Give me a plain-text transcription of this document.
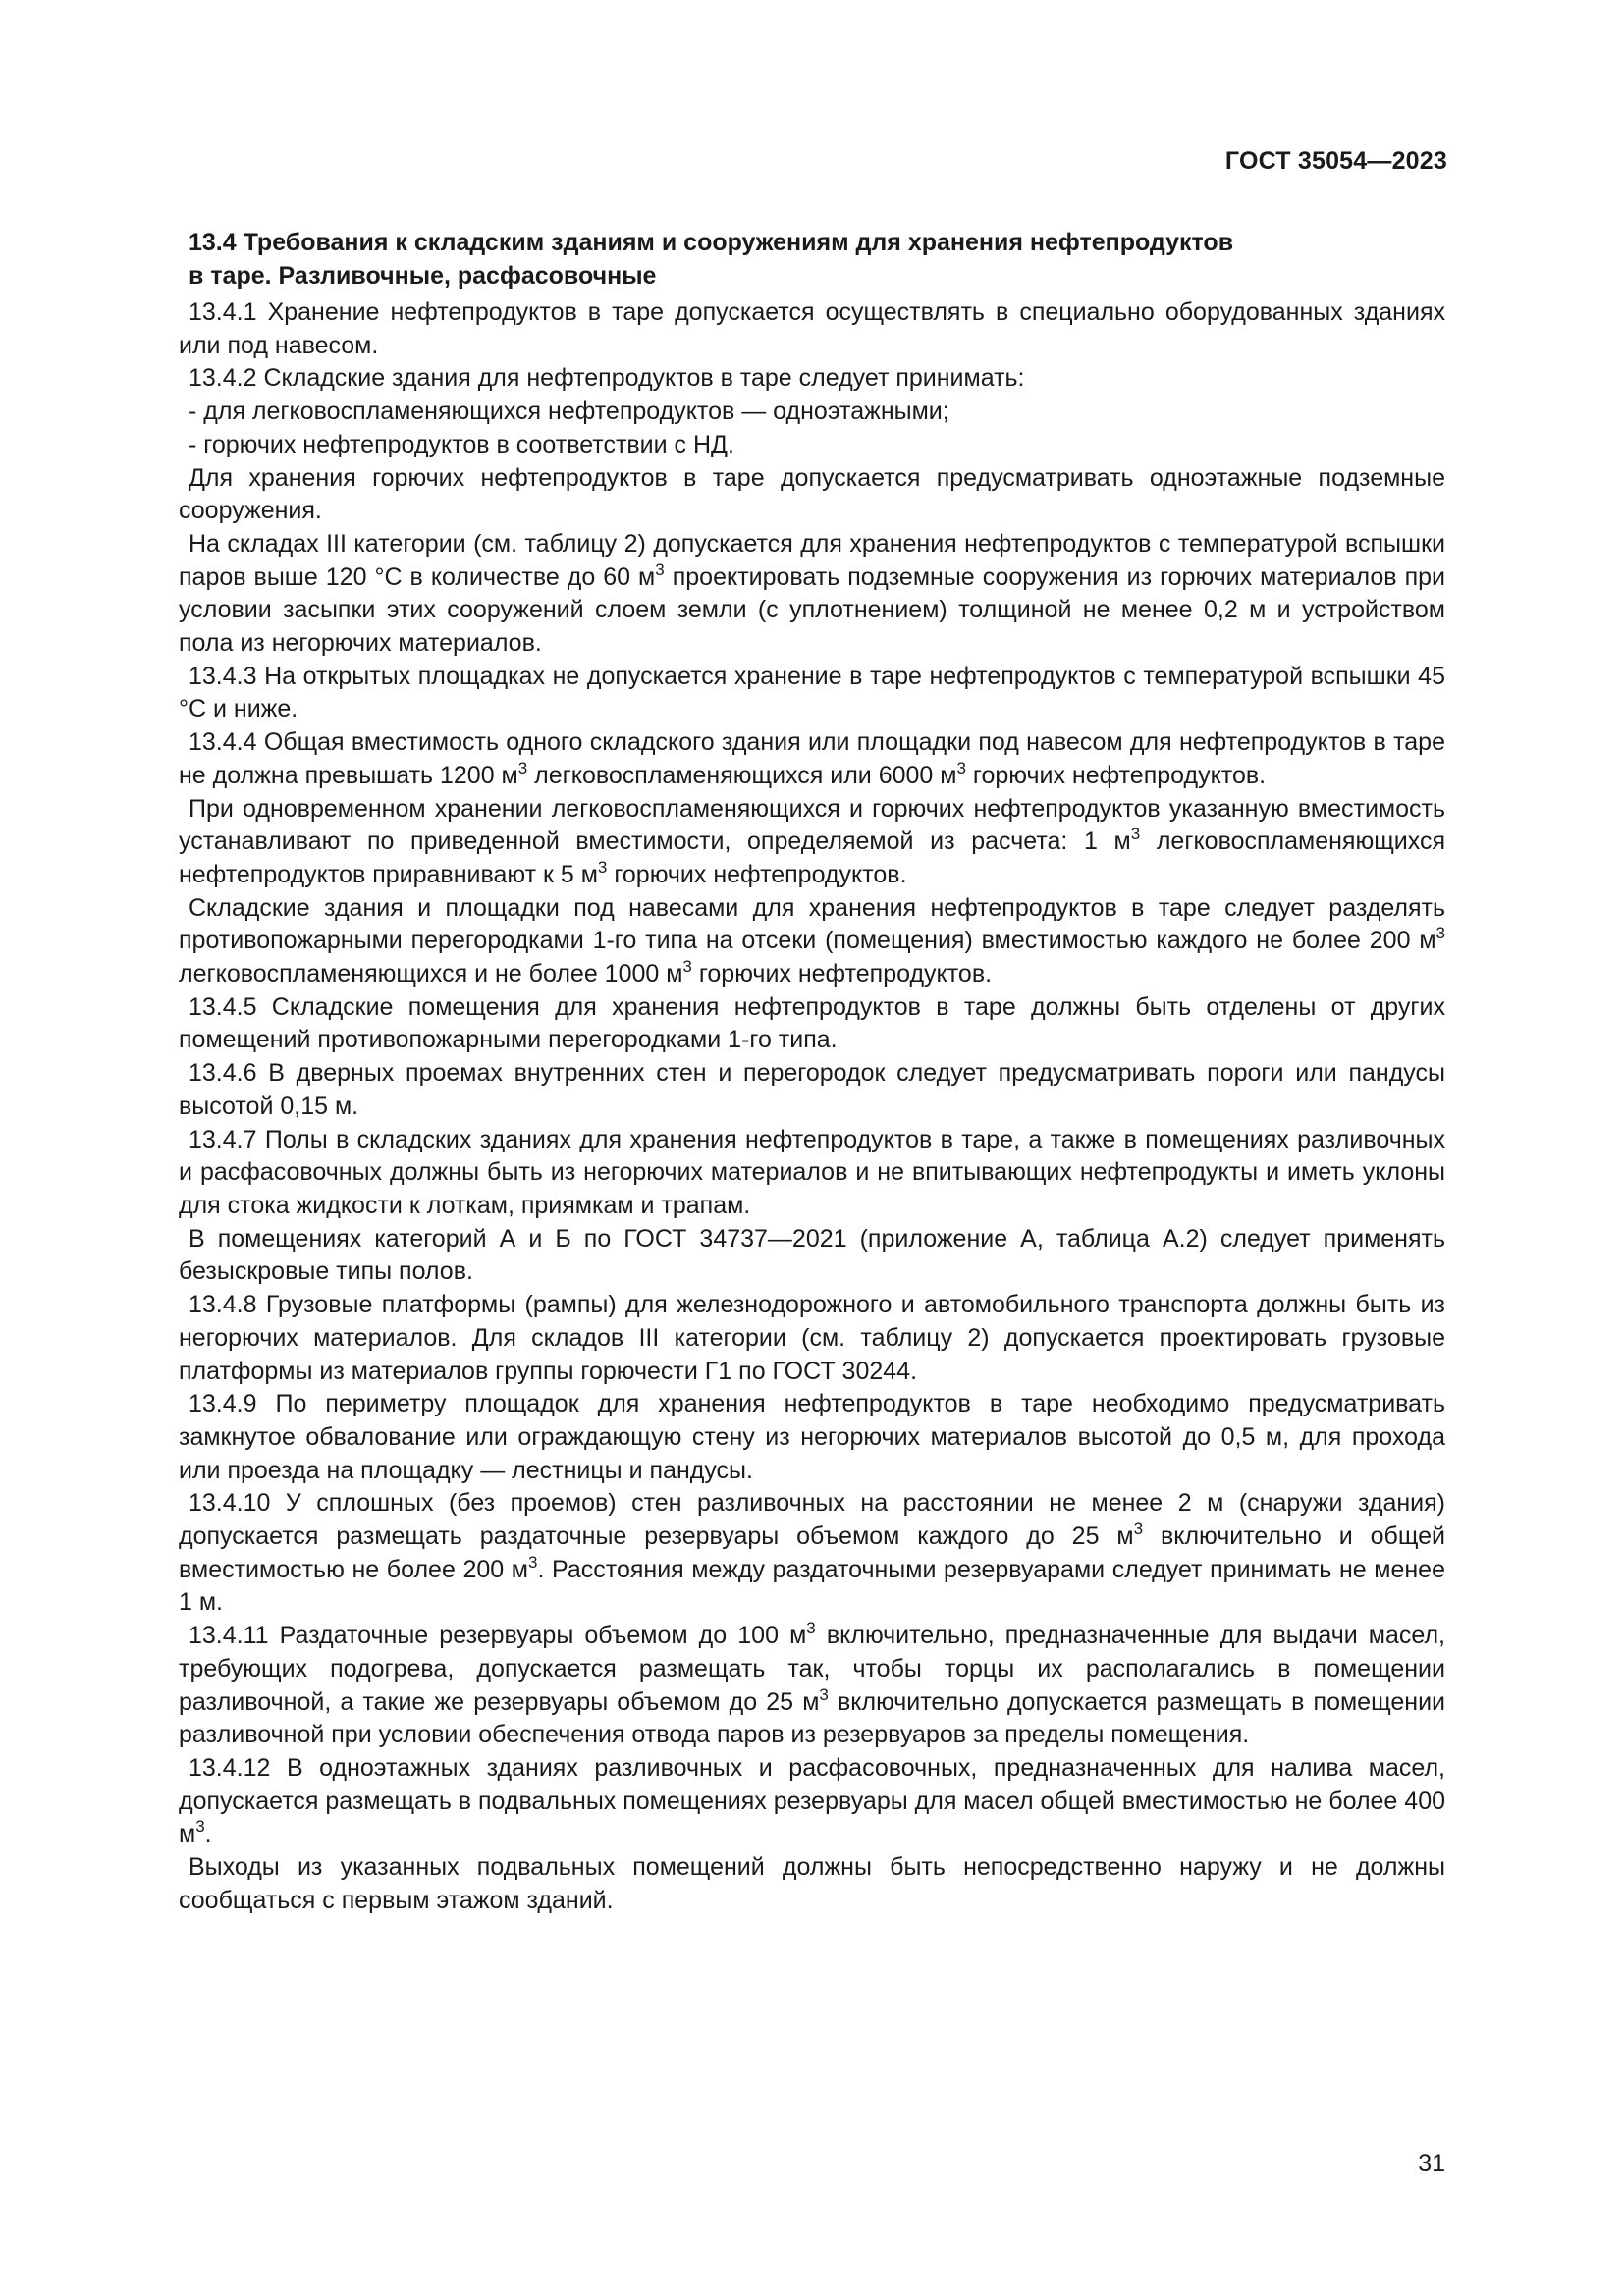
ГОСТ 35054—2023
13.4 Требования к складским зданиям и сооружениям для хранения нефтепродуктов
в таре. Разливочные, расфасовочные

13.4.1 Хранение нефтепродуктов в таре допускается осуществлять в специально оборудованных зданиях или под навесом.

13.4.2 Складские здания для нефтепродуктов в таре следует принимать:

- для легковоспламеняющихся нефтепродуктов — одноэтажными;

- горючих нефтепродуктов в соответствии с НД.

Для хранения горючих нефтепродуктов в таре допускается предусматривать одноэтажные подземные сооружения.

На складах III категории (см. таблицу 2) допускается для хранения нефтепродуктов с температурой вспышки паров выше 120 °С в количестве до 60 $м^3$ проектировать подземные сооружения из горючих материалов при условии засыпки этих сооружений слоем земли (с уплотнением) толщиной не менее 0,2 м и устройством пола из негорючих материалов.

13.4.3 На открытых площадках не допускается хранение в таре нефтепродуктов с температурой вспышки 45 °С и ниже.

13.4.4 Общая вместимость одного складского здания или площадки под навесом для нефтепродуктов в таре не должна превышать 1200 $м^3$ легковоспламеняющихся или 6000 $м^3$ горючих нефтепродуктов.

При одновременном хранении легковоспламеняющихся и горючих нефтепродуктов указанную вместимость устанавливают по приведенной вместимости, определяемой из расчета: 1 $м^3$ легковоспламеняющихся нефтепродуктов приравнивают к 5 $м^3$ горючих нефтепродуктов.

Складские здания и площадки под навесами для хранения нефтепродуктов в таре следует разделять противопожарными перегородками 1-го типа на отсеки (помещения) вместимостью каждого не более 200 $м^3$ легковоспламеняющихся и не более 1000 $м^3$ горючих нефтепродуктов.

13.4.5 Складские помещения для хранения нефтепродуктов в таре должны быть отделены от других помещений противопожарными перегородками 1-го типа.

13.4.6 В дверных проемах внутренних стен и перегородок следует предусматривать пороги или пандусы высотой 0,15 м.

13.4.7 Полы в складских зданиях для хранения нефтепродуктов в таре, а также в помещениях разливочных и расфасовочных должны быть из негорючих материалов и не впитывающих нефтепродукты и иметь уклоны для стока жидкости к лоткам, приямкам и трапам.

В помещениях категорий А и Б по ГОСТ 34737—2021 (приложение А, таблица А.2) следует применять безыскровые типы полов.

13.4.8 Грузовые платформы (рампы) для железнодорожного и автомобильного транспорта должны быть из негорючих материалов. Для складов III категории (см. таблицу 2) допускается проектировать грузовые платформы из материалов группы горючести Г1 по ГОСТ 30244.

13.4.9 По периметру площадок для хранения нефтепродуктов в таре необходимо предусматривать замкнутое обвалование или ограждающую стену из негорючих материалов высотой до 0,5 м, для прохода или проезда на площадку — лестницы и пандусы.

13.4.10 У сплошных (без проемов) стен разливочных на расстоянии не менее 2 м (снаружи здания) допускается размещать раздаточные резервуары объемом каждого до 25 $м^3$ включительно и общей вместимостью не более 200 $м^3$. Расстояния между раздаточными резервуарами следует принимать не менее 1 м.

13.4.11 Раздаточные резервуары объемом до 100 $м^3$ включительно, предназначенные для выдачи масел, требующих подогрева, допускается размещать так, чтобы торцы их располагались в помещении разливочной, а такие же резервуары объемом до 25 $м^3$ включительно допускается размещать в помещении разливочной при условии обеспечения отвода паров из резервуаров за пределы помещения.

13.4.12 В одноэтажных зданиях разливочных и расфасовочных, предназначенных для налива масел, допускается размещать в подвальных помещениях резервуары для масел общей вместимостью не более 400 $м^3$.

Выходы из указанных подвальных помещений должны быть непосредственно наружу и не должны сообщаться с первым этажом зданий.

31
